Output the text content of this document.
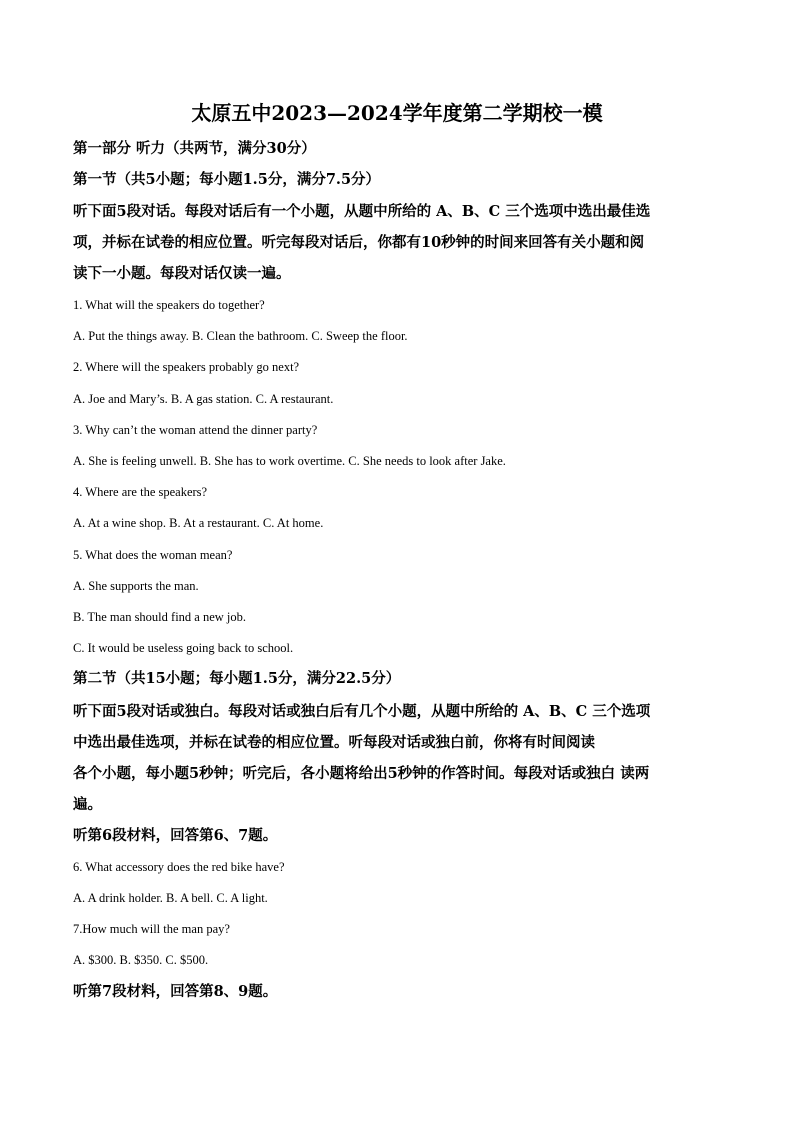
太原五中2023—2024学年度第二学期校一模
第一部分 听力（共两节，满分30分）
第一节（共5小题；每小题1.5分，满分7.5分）
听下面5段对话。每段对话后有一个小题，从题中所给的 A、B、C 三个选项中选出最佳选
项，并标在试卷的相应位置。听完每段对话后，你都有10秒钟的时间来回答有关小题和阅
读下一小题。每段对话仅读一遍。
1. What will the speakers do together?
A. Put the things away. B. Clean the bathroom. C. Sweep the floor.
2. Where will the speakers probably go next?
A. Joe and Mary’s. B. A gas station. C. A restaurant.
3. Why can’t the woman attend the dinner party?
A. She is feeling unwell. B. She has to work overtime. C. She needs to look after Jake.
4. Where are the speakers?
A. At a wine shop. B. At a restaurant. C. At home.
5. What does the woman mean?
A. She supports the man.
B. The man should find a new job.
C. It would be useless going back to school.
第二节（共15小题；每小题1.5分，满分22.5分）
听下面5段对话或独白。每段对话或独白后有几个小题，从题中所给的 A、B、C 三个选项
中选出最佳选项，并标在试卷的相应位置。听每段对话或独白前，你将有时间阅读
各个小题，每小题5秒钟；听完后，各小题将给出5秒钟的作答时间。每段对话或独白 读两
遍。
听第6段材料，回答第6、7题。
6. What accessory does the red bike have?
A. A drink holder. B. A bell. C. A light.
7.How much will the man pay?
A. $300. B. $350. C. $500.
听第7段材料，回答第8、9题。
